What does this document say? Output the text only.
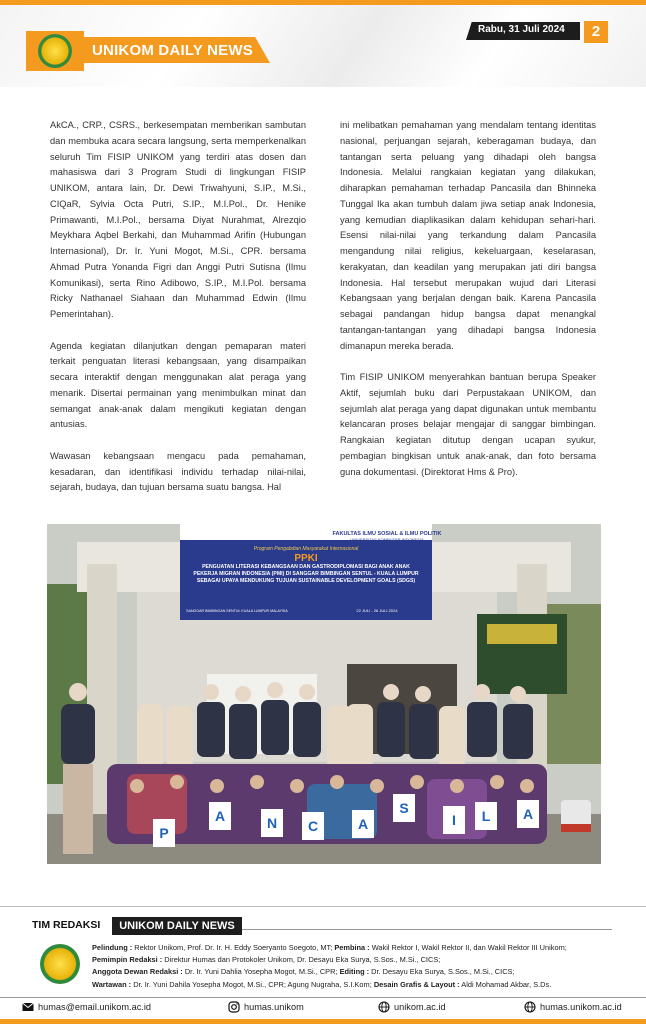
UNIKOM DAILY NEWS
Rabu, 31 Juli 2024	2

AkCA., CRP., CSRS., berkesempatan memberikan sambutan dan membuka acara secara langsung, serta memperkenalkan seluruh Tim FISIP UNIKOM yang terdiri atas dosen dan mahasiswa dari 3 Program Studi di lingkungan FISIP UNIKOM, antara lain, Dr. Dewi Triwahyuni, S.IP., M.Si., CIQaR, Sylvia Octa Putri, S.IP., M.I.Pol., Dr. Henike Primawanti, M.I.Pol., bersama Diyat Nurahmat, Alrezqio Meykhara Aqbel Berkahi, dan Muhammad Arifin (Hubungan Internasional), Dr. Ir. Yuni Mogot, M.Si., CPR. bersama Ahmad Putra Yonanda Figri dan Anggi Putri Sutisna (Ilmu Komunikasi), serta Rino Adibowo, S.IP., M.I.Pol. bersama Ricky Nathanael Siahaan dan Muhammad Edwin (Ilmu Pemerintahan).

Agenda kegiatan dilanjutkan dengan pemaparan materi terkait penguatan literasi kebangsaan, yang disampaikan secara interaktif dengan menggunakan alat peraga yang menarik. Disertai permainan yang menimbulkan minat dan semangat anak-anak dalam mengikuti kegiatan dengan antusias.

Wawasan kebangsaan mengacu pada pemahaman, kesadaran, dan identifikasi individu terhadap nilai-nilai, sejarah, budaya, dan tujuan bersama suatu bangsa. Hal

ini melibatkan pemahaman yang mendalam tentang identitas nasional, perjuangan sejarah, keberagaman budaya, dan tantangan serta peluang yang dihadapi oleh bangsa Indonesia. Melalui rangkaian kegiatan yang dilakukan, diharapkan pemahaman terhadap Pancasila dan Bhinneka Tunggal Ika akan tumbuh dalam jiwa setiap anak Indonesia, yang kemudian diaplikasikan dalam kehidupan sehari-hari. Esensi nilai-nilai yang terkandung dalam Pancasila mengandung nilai religius, kekeluargaan, keselarasan, kerakyatan, dan keadilan yang merupakan jati diri bangsa Indonesia. Hal tersebut merupakan wujud dari Literasi Kebangsaan yang berjalan dengan baik. Karena Pancasila sebagai pandangan hidup bangsa dapat menangkal tantangan-tantangan yang dihadapi bangsa Indonesia dimanapun mereka berada.

Tim FISIP UNIKOM menyerahkan bantuan berupa Speaker Aktif, sejumlah buku dari Perpustakaan UNIKOM, dan sejumlah alat peraga yang dapat digunakan untuk membantu kelancaran proses belajar mengajar di sanggar bimbingan. Rangkaian kegiatan ditutup dengan ucapan syukur, pembagian bingkisan untuk anak-anak, dan foto bersama guna dokumentasi. (Direktorat Hms & Pro).

FAKULTAS ILMU SOSIAL & ILMU POLITIK
UNIVERSITAS KOMPUTER INDONESIA
Program Pengabdian Masyarakat Internasional
PPKI
PENGUATAN LITERASI KEBANGSAAN DAN GASTRODIPLOMASI BAGI ANAK ANAK PEKERJA MIGRAN INDONESIA (PMI) DI SANGGAR BIMBINGAN SENTUL - KUALA LUMPUR SEBAGAI UPAYA MENDUKUNG TUJUAN SUSTAINABLE DEVELOPMENT GOALS (SDGS)
SANGGAR BIMBINGAN SENTUL KUALA LUMPUR MALAYSIA	22 JULI - 26 JULI 2024
P
A	N C	A
S
I L A
TIM REDAKSI	UNIKOM DAILY NEWS
Pelindung : Rektor Unikom, Prof. Dr. Ir. H. Eddy Soeryanto Soegoto, MT; Pembina : Wakil Rektor I, Wakil Rektor II, dan Wakil Rektor III Unikom;
Pemimpin Redaksi : Direktur Humas dan Protokoler Unikom, Dr. Desayu Eka Surya, S.Sos., M.Si., CICS;
Anggota Dewan Redaksi : Dr. Ir. Yuni Dahlia Yosepha Mogot, M.Si., CPR; Editing : Dr. Desayu Eka Surya, S.Sos., M.Si., CICS;
Wartawan : Dr. Ir. Yuni Dahila Yosepha Mogot, M.Si., CPR; Agung Nugraha, S.I.Kom; Desain Grafis & Layout : Aldi Mohamad Akbar, S.Ds.
humas@email.unikom.ac.id	humas.unikom	unikom.ac.id	humas.unikom.ac.id
